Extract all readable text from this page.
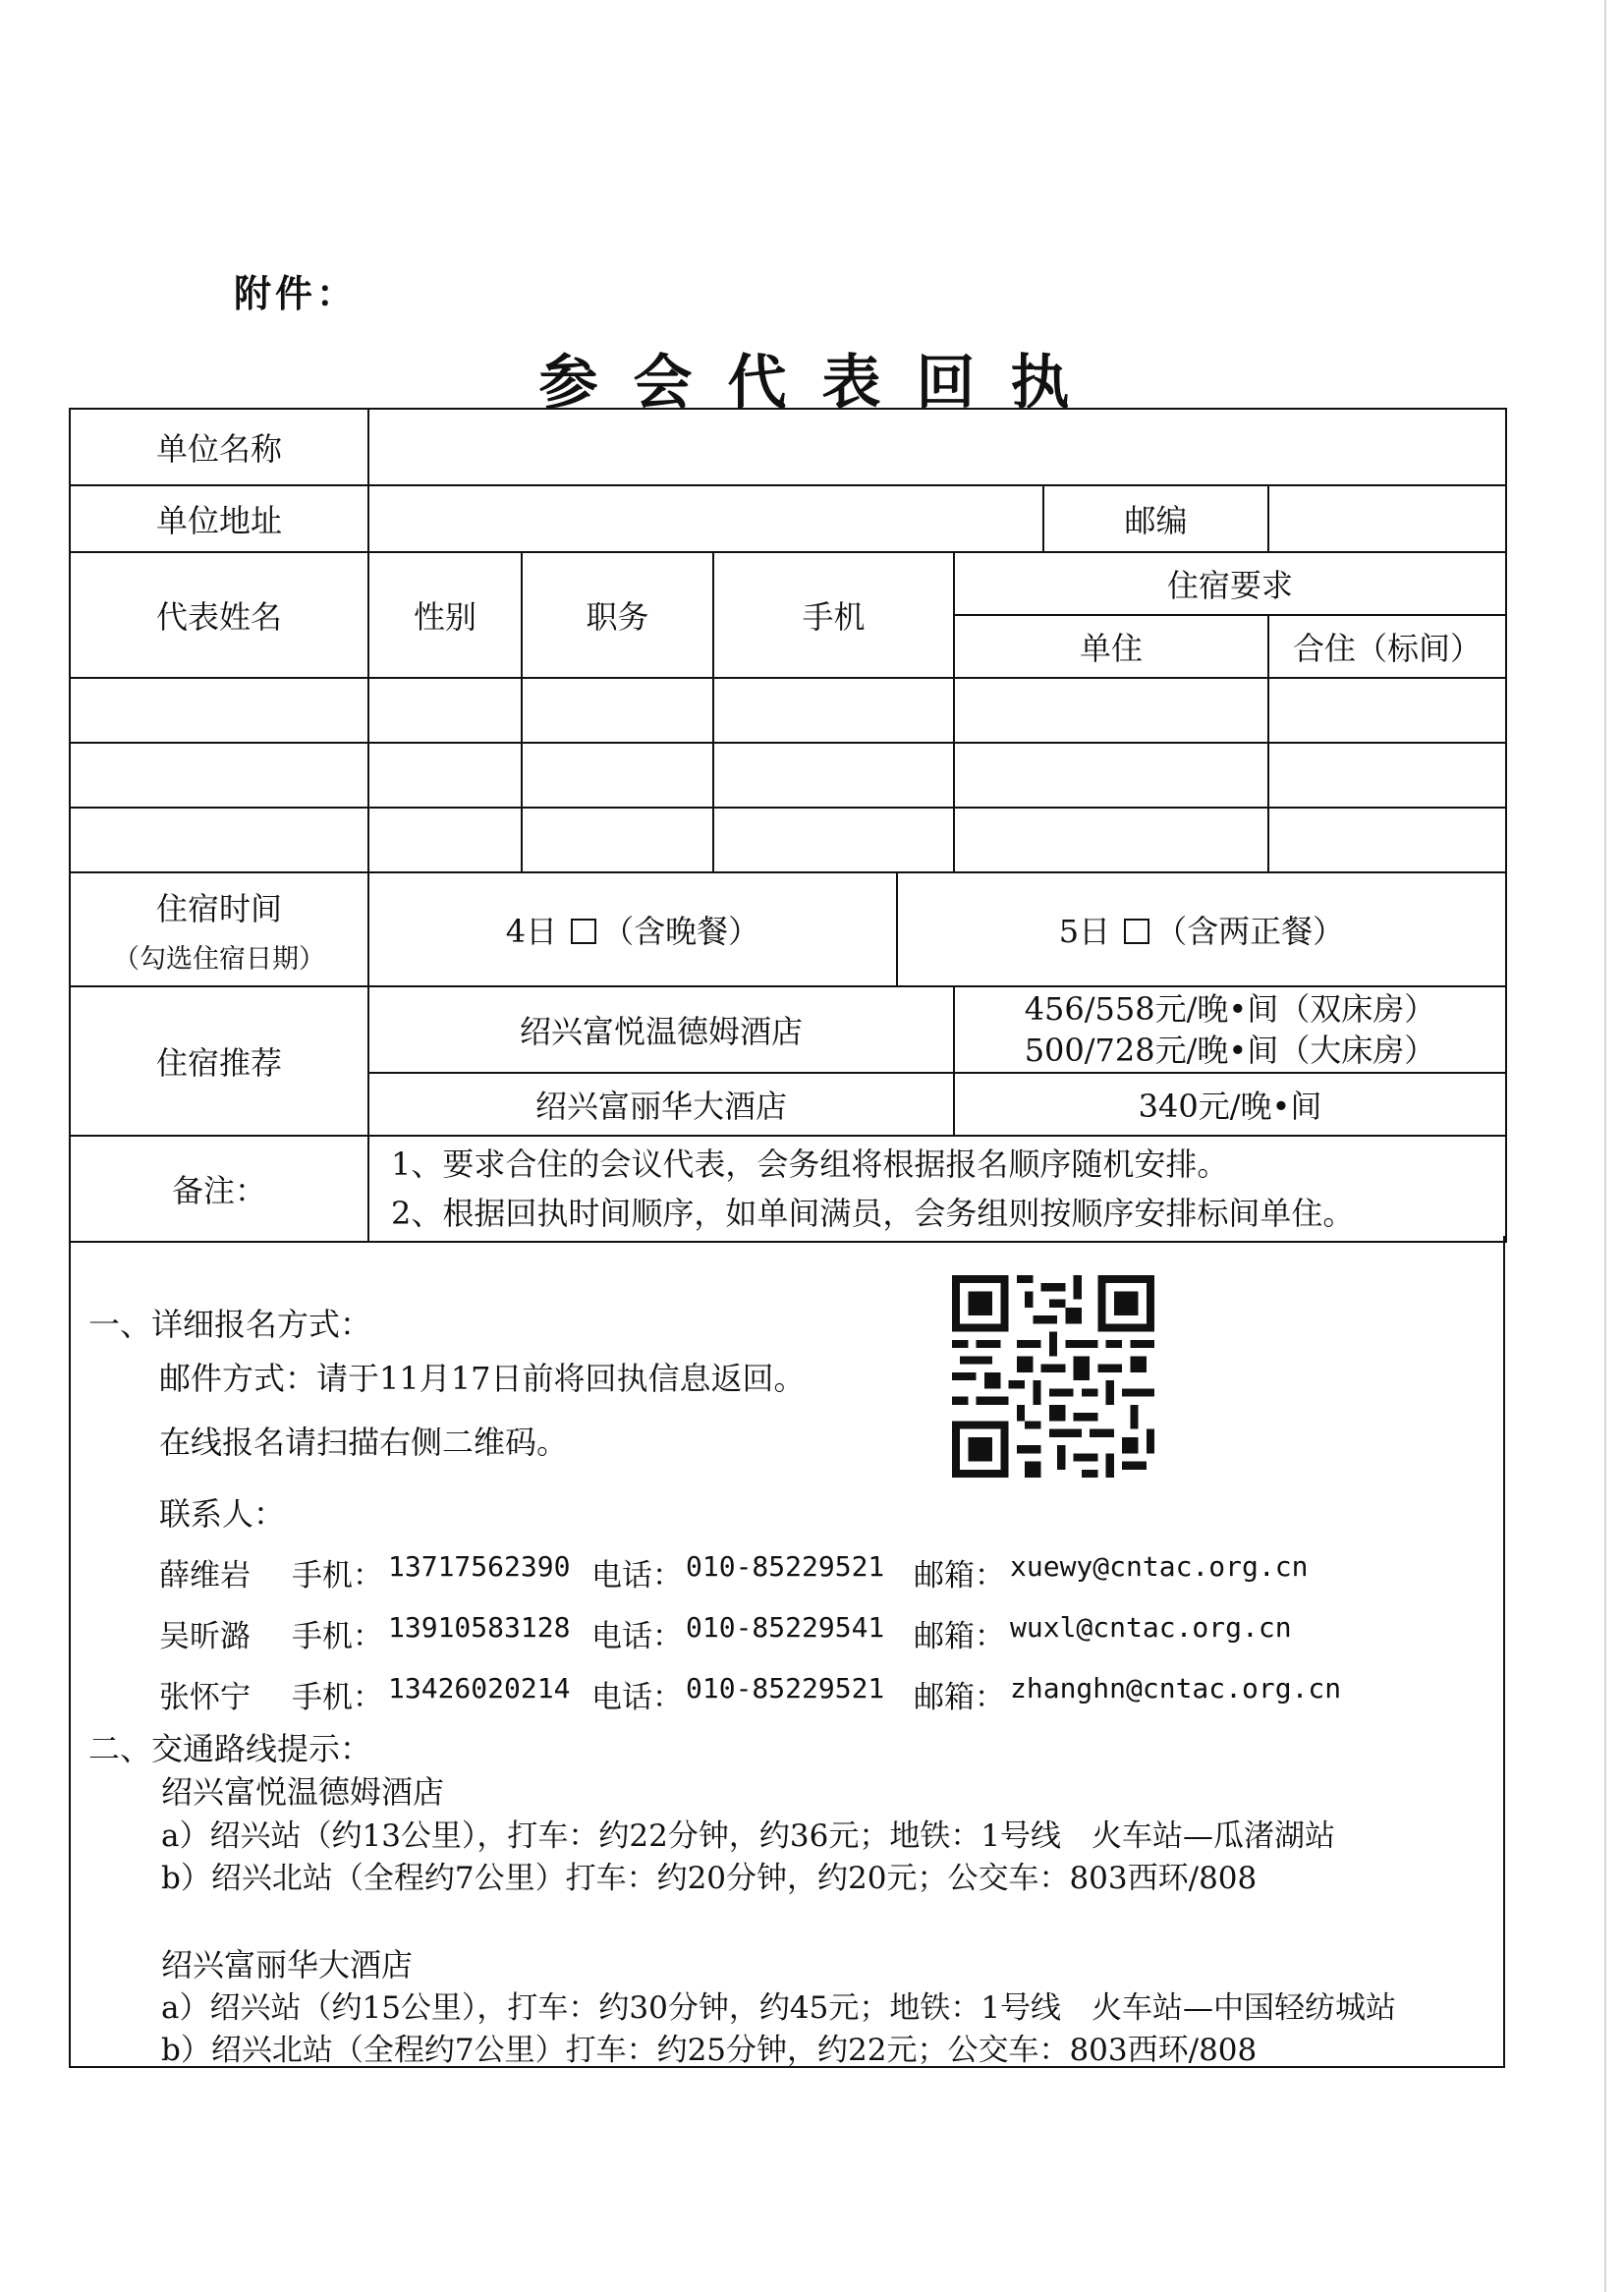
附件：
参会代表回执
单位名称							
单位地址						邮编	
代表姓名	性别	职务	手机		住宿要求		
					单住		合住（标间）

住宿时间
（勾选住宿日期）	4日 （含晚餐）			5日 （含两正餐）			
住宿推荐	绍兴富悦温德姆酒店				456/558元/晚•间（双床房）
500/728元/晚•间（大床房）		

	绍兴富丽华大酒店				340元/晚•间		
备注：	1、要求合住的会议代表，会务组将根据报名顺序随机安排。
2、根据回执时间顺序，如单间满员，会务组则按顺序安排标间单住。						
一、详细报名方式：
邮件方式：请于11月17日前将回执信息返回。
在线报名请扫描右侧二维码。
联系人：
薛维岩 手机： 13717562390 电话： 010-85229521 邮箱： xuewy@cntac.org.cn
吴昕潞 手机： 13910583128 电话： 010-85229541 邮箱： wuxl@cntac.org.cn
张怀宁 手机： 13426020214 电话： 010-85229521 邮箱： zhanghn@cntac.org.cn
二、交通路线提示：
绍兴富悦温德姆酒店
a）绍兴站（约13公里），打车：约22分钟，约36元；地铁：1号线　火车站—瓜渚湖站
b）绍兴北站（全程约7公里）打车：约20分钟，约20元；公交车：803西环/808
绍兴富丽华大酒店
a）绍兴站（约15公里），打车：约30分钟，约45元；地铁：1号线　火车站—中国轻纺城站
b）绍兴北站（全程约7公里）打车：约25分钟，约22元；公交车：803西环/808
